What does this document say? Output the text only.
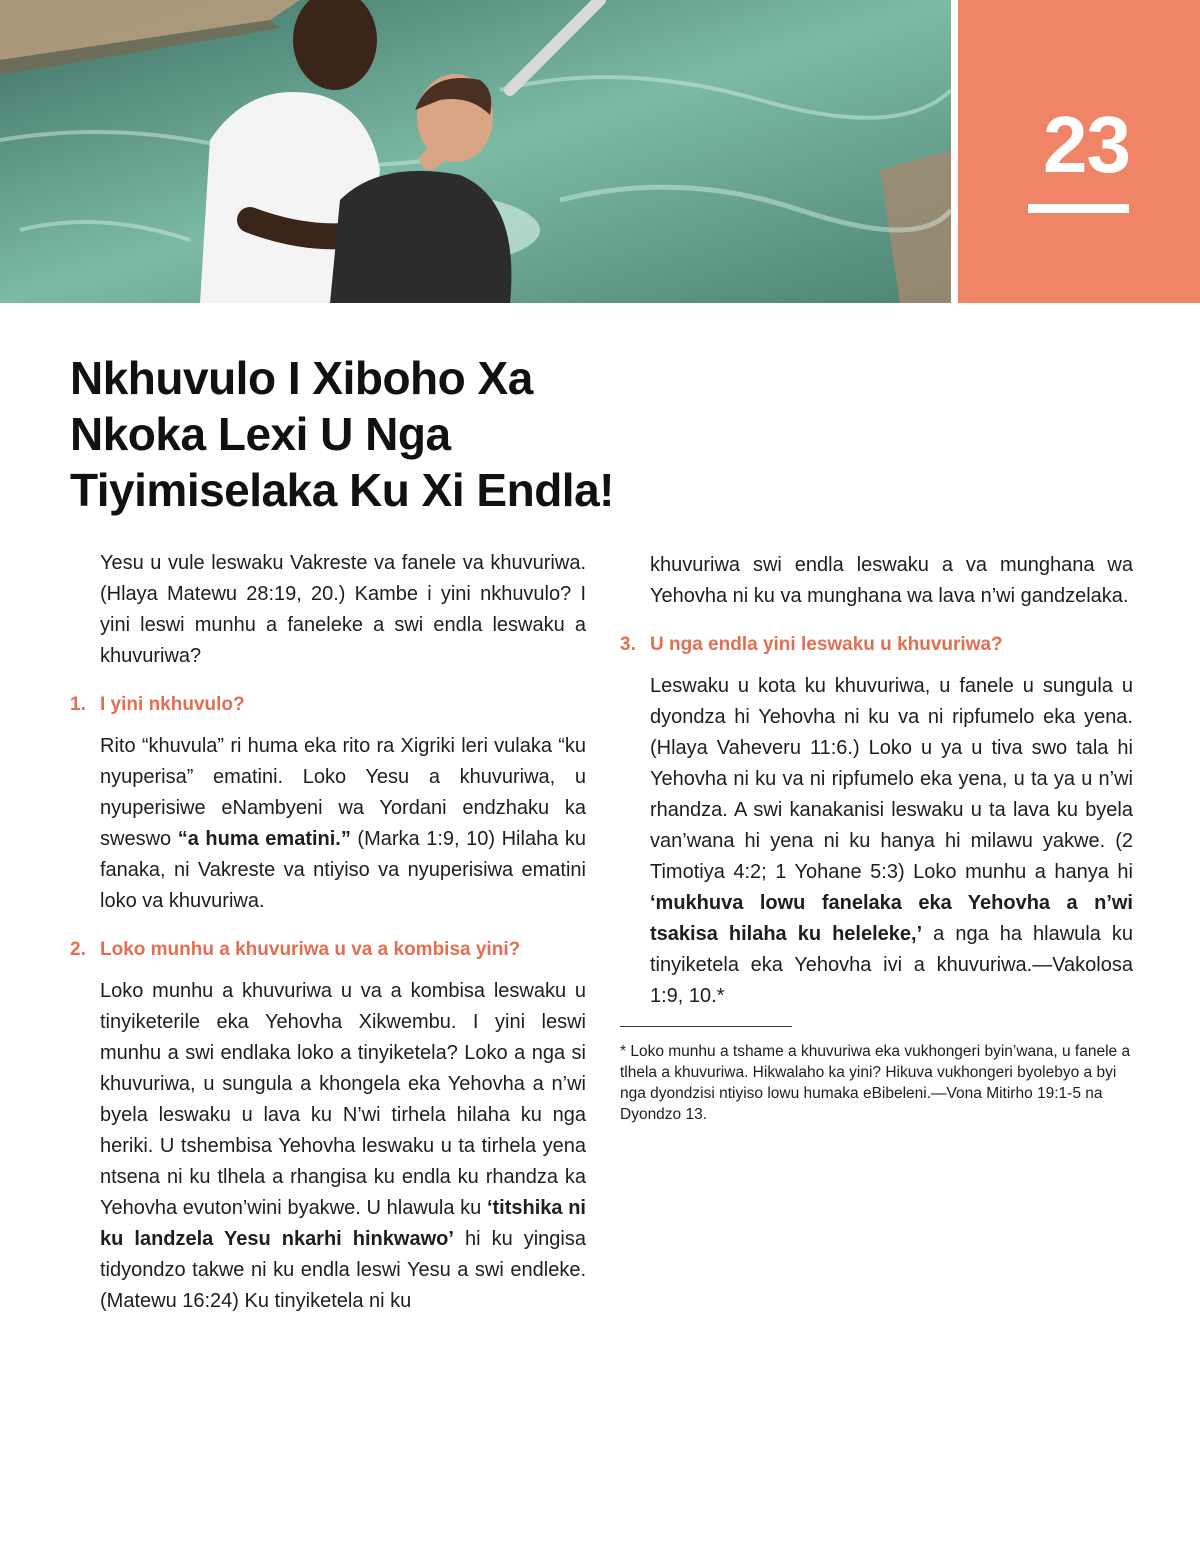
23
Nkhuvulo I Xiboho Xa
Nkoka Lexi U Nga
Tiyimiselaka Ku Xi Endla!

Yesu u vule leswaku Vakreste va fanele va khuvuriwa. (Hlaya Matewu 28:19, 20.) Kambe i yini nkhuvulo? I yini leswi munhu a faneleke a swi endla leswaku a khuvuriwa?

1. I yini nkhuvulo?

Rito “khuvula” ri huma eka rito ra Xigriki leri vulaka “ku nyuperisa” ematini. Loko Yesu a khuvuriwa, u nyuperisiwe eNambyeni wa Yordani endzhaku ka sweswo “a huma ematini.” (Marka 1:9, 10) Hilaha ku fanaka, ni Vakreste va ntiyiso va nyuperisiwa ematini loko va khuvuriwa.

2. Loko munhu a khuvuriwa u va a kombisa yini?

Loko munhu a khuvuriwa u va a kombisa leswaku u tinyiketerile eka Yehovha Xikwembu. I yini leswi munhu a swi endlaka loko a tinyiketela? Loko a nga si khuvuriwa, u sungula a khongela eka Yehovha a n’wi byela leswaku u lava ku N’wi tirhela hilaha ku nga heriki. U tshembisa Yehovha leswaku u ta tirhela yena ntsena ni ku tlhela a rhangisa ku endla ku rhandza ka Yehovha evuton’wini byakwe. U hlawula ku ‘titshika ni ku landzela Yesu nkarhi hinkwawo’ hi ku yingisa tidyondzo takwe ni ku endla leswi Yesu a swi endleke. (Matewu 16:24) Ku tinyiketela ni ku

khuvuriwa swi endla leswaku a va munghana wa Yehovha ni ku va munghana wa lava n’wi gandzelaka.

3. U nga endla yini leswaku u khuvuriwa?

Leswaku u kota ku khuvuriwa, u fanele u sungula u dyondza hi Yehovha ni ku va ni ripfumelo eka yena. (Hlaya Vaheveru 11:6.) Loko u ya u tiva swo tala hi Yehovha ni ku va ni ripfumelo eka yena, u ta ya u n’wi rhandza. A swi kanakanisi leswaku u ta lava ku byela van’wana hi yena ni ku hanya hi milawu yakwe. (2 Timotiya 4:2; 1 Yohane 5:3) Loko munhu a hanya hi ‘mukhuva lowu fanelaka eka Yehovha a n’wi tsakisa hilaha ku heleleke,’ a nga ha hlawula ku tinyiketela eka Yehovha ivi a khuvuriwa.—Vakolosa 1:9, 10.*

* Loko munhu a tshame a khuvuriwa eka vukhongeri byin’wana, u fanele a tlhela a khuvuriwa. Hikwalaho ka yini? Hikuva vukhongeri byolebyo a byi nga dyondzisi ntiyiso lowu humaka eBibeleni.—Vona Mitirho 19:1-5 na Dyondzo 13.
